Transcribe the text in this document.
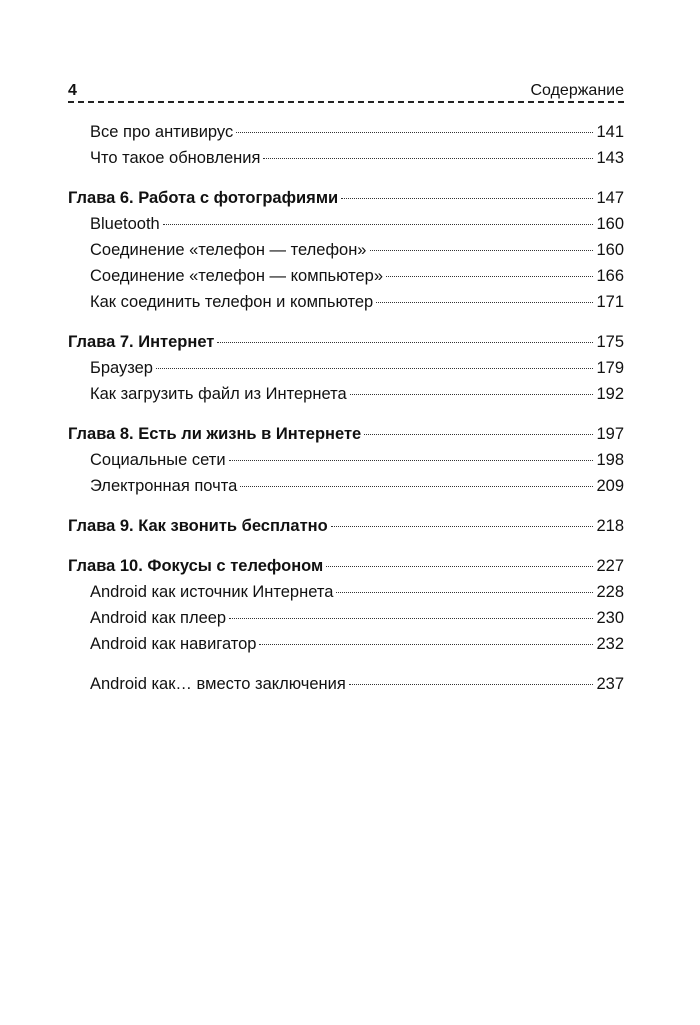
4	Содержание
Все про антивирус	141
Что такое обновления	143
Глава 6. Работа с фотографиями	147
Bluetooth	160
Соединение «телефон — телефон»	160
Соединение «телефон — компьютер»	166
Как соединить телефон и компьютер	171
Глава 7. Интернет	175
Браузер	179
Как загрузить файл из Интернета	192
Глава 8. Есть ли жизнь в Интернете	197
Социальные сети	198
Электронная почта	209
Глава 9. Как звонить бесплатно	218
Глава 10. Фокусы с телефоном	227
Android как источник Интернета	228
Android как плеер	230
Android как навигатор	232
Android как… вместо заключения	237
